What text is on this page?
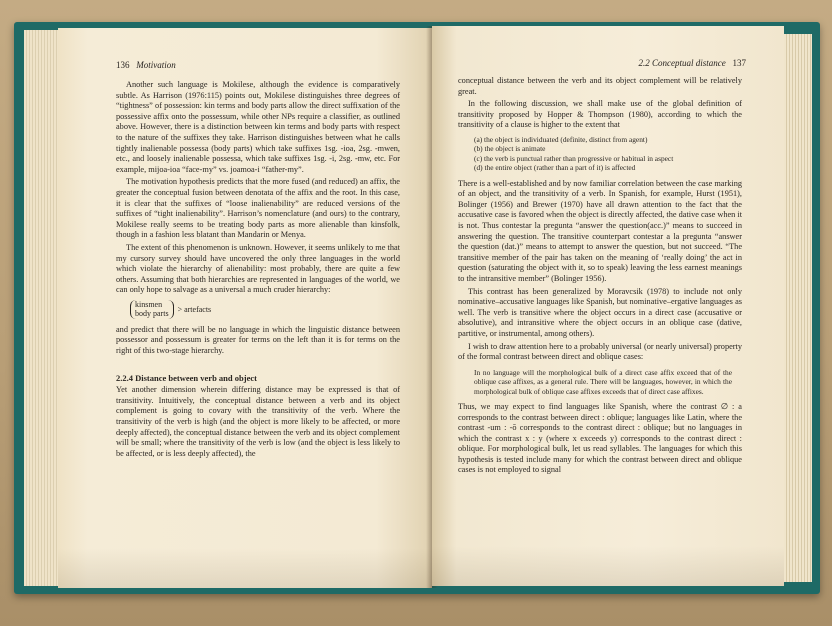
136 Motivation

Another such language is Mokilese, although the evidence is comparatively subtle. As Harrison (1976:115) points out, Mokilese distinguishes three degrees of “tightness” of possession: kin terms and body parts allow the direct suffixation of the possessive affix onto the possessum, while other NPs require a classifier, as outlined above. However, there is a distinction between kin terms and body parts with respect to the nature of the suffixes they take. Harrison distinguishes between what he calls tightly inalienable possessa (body parts) which take suffixes 1sg. -ioa, 2sg. -mwen, etc., and loosely inalienable possessa, which take suffixes 1sg. -i, 2sg. -mw, etc. For example, mijoa-ioa “face-my” vs. joamoa-i “father-my”.

The motivation hypothesis predicts that the more fused (and reduced) an affix, the greater the conceptual fusion between denotata of the affix and the root. In this case, it is clear that the suffixes of “loose inalienability” are reduced versions of the suffixes of “tight inalienability”. Harrison’s nomenclature (and ours) to the contrary, Mokilese really seems to be treating body parts as more alienable than kinsfolk, though in a fashion less blatant than Mandarin or Menya.

The extent of this phenomenon is unknown. However, it seems unlikely to me that my cursory survey should have uncovered the only three languages in the world which violate the hierarchy of alienability: most probably, there are quite a few others. Assuming that both hierarchies are represented in languages of the world, we can only hope to salvage as a universal a much cruder hierarchy:

kinsmen
body parts
> artefacts

and predict that there will be no language in which the linguistic distance between possessor and possessum is greater for terms on the left than it is for terms on the right of this two-stage hierarchy.

2.2.4 Distance between verb and object

Yet another dimension wherein differing distance may be expressed is that of transitivity. Intuitively, the conceptual distance between a verb and its object complement is going to covary with the transitivity of the verb. Where the transitivity of the verb is high (and the object is more likely to be affected, or more deeply affected), the conceptual distance between the verb and its object complement will be small; where the transitivity of the verb is low (and the object is less likely to be affected, or is less deeply affected), the

2.2 Conceptual distance 137

conceptual distance between the verb and its object complement will be relatively great.

In the following discussion, we shall make use of the global definition of transitivity proposed by Hopper & Thompson (1980), according to which the transitivity of a clause is higher to the extent that

(a) the object is individuated (definite, distinct from agent)
(b) the object is animate
(c) the verb is punctual rather than progressive or habitual in aspect
(d) the entire object (rather than a part of it) is affected

There is a well-established and by now familiar correlation between the case marking of an object, and the transitivity of a verb. In Spanish, for example, Hurst (1951), Bolinger (1956) and Brewer (1970) have all drawn attention to the fact that the accusative case is favored when the object is directly affected, the dative case when it is not. Thus contestar la pregunta “answer the question(acc.)” means to succeed in answering the question. The transitive counterpart contestar a la pregunta “answer the question (dat.)” means to attempt to answer the question, but not succeed. “The transitive member of the pair has taken on the meaning of ‘really doing’ the act in question (saturating the object with it, so to speak) leaving the less earnest meanings to the intransitive member” (Bolinger 1956).

This contrast has been generalized by Moravcsik (1978) to include not only nominative–accusative languages like Spanish, but nominative–ergative languages as well. The verb is transitive where the object occurs in a direct case (accusative or absolutive), and intransitive where the object occurs in an oblique case (dative, partitive, or instrumental, among others).

I wish to draw attention here to a probably universal (or nearly universal) property of the formal contrast between direct and oblique cases:

In no language will the morphological bulk of a direct case affix exceed that of the oblique case affixes, as a general rule. There will be languages, however, in which the morphological bulk of oblique case affixes exceeds that of direct case affixes.

Thus, we may expect to find languages like Spanish, where the contrast ∅ : a corresponds to the contrast between direct : oblique; languages like Latin, where the contrast -um : -ō corresponds to the contrast direct : oblique; but no languages in which the contrast x : y (where x exceeds y) corresponds to the contrast direct : oblique. For morphological bulk, let us read syllables. The languages for which this hypothesis is tested include many for which the contrast between direct and oblique cases is not employed to signal
